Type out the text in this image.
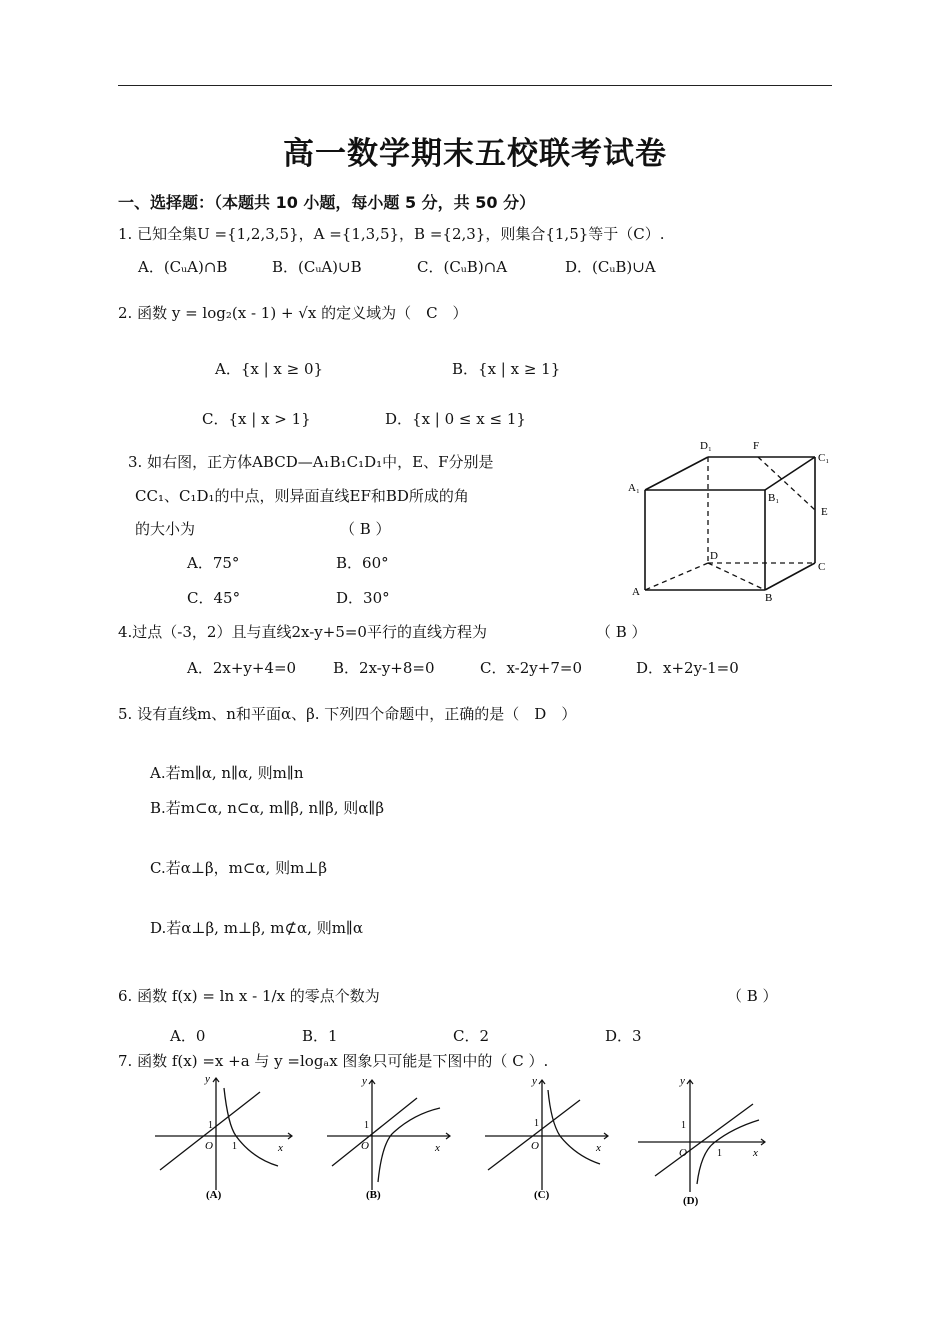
高一数学期末五校联考试卷
一、选择题：（本题共 10 小题，每小题 5 分，共 50 分）
1. 已知全集U ={1,2,3,5}，A ={1,3,5}，B ={2,3}，则集合{1,5}等于（C）.
A．(CᵤA)∩B	B．(CᵤA)∪B	C．(CᵤB)∩A	D．(CᵤB)∪A
2. 函数 y = log₂(x - 1) + √x 的定义域为（　C　）
A．{x | x ≥ 0}	B．{x | x ≥ 1}
C．{x | x > 1}	D．{x | 0 ≤ x ≤ 1}
3. 如右图，正方体ABCD—A₁B₁C₁D₁中，E、F分别是
CC₁、C₁D₁的中点，则异面直线EF和BD所成的角
的大小为	（ B ）
A．75°	B．60°
C．45°	D．30°
D₁	F
C₁
A₁
B₁
E
D
C
A	B
4.过点（-3，2）且与直线2x-y+5=0平行的直线方程为	（ B ）
A．2x+y+4=0 B．2x-y+8=0	C．x-2y+7=0	D．x+2y-1=0
5. 设有直线m、n和平面α、β. 下列四个命题中，正确的是（　D　）
A.若m∥α, n∥α, 则m∥n
B.若m⊂α, n⊂α, m∥β, n∥β, 则α∥β
C.若α⊥β，m⊂α, 则m⊥β
D.若α⊥β, m⊥β, m⊄α, 则m∥α
6. 函数 f(x) = ln x - 1/x 的零点个数为	（ B ）
A．0	B．1	C．2	D．3
7. 函数 f(x) =x +a 与 y =logₐx 图象只可能是下图中的（ C ）.
y
x
O
1
1
(A)
y
x
O
1
(B)
y
x
O
1
(C)
y
x
O
1
1
(D)
